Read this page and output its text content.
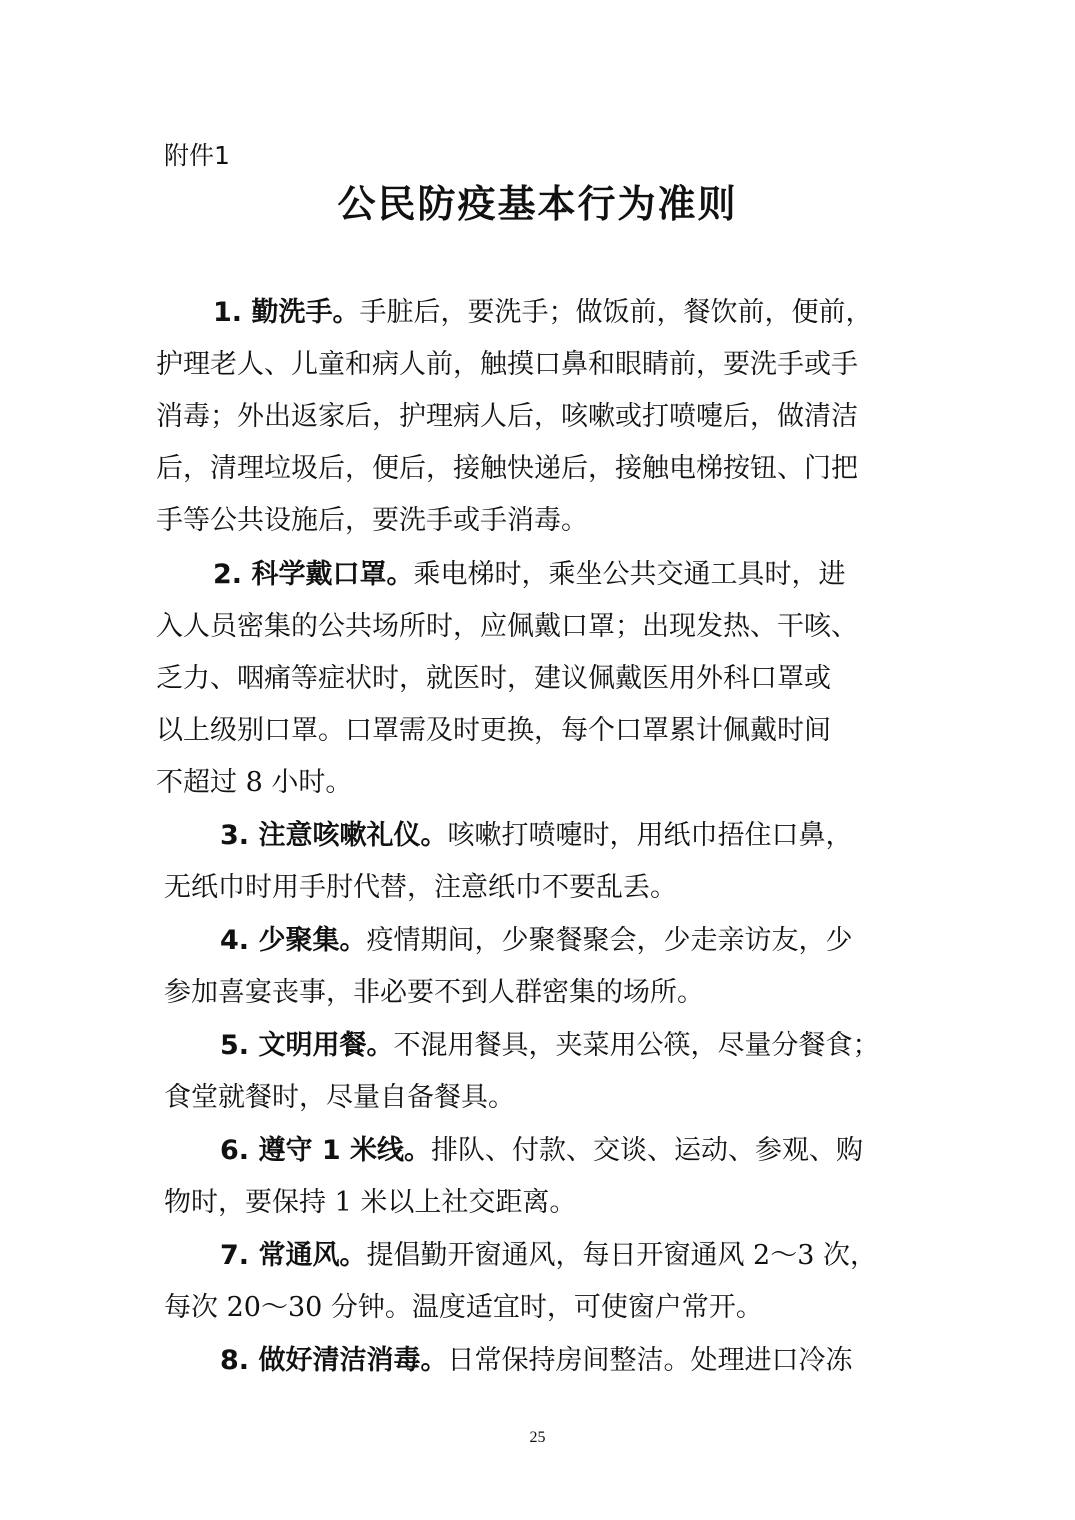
附件1
公民防疫基本行为准则
1. 勤洗手。手脏后，要洗手；做饭前，餐饮前，便前，
护理老人、儿童和病人前，触摸口鼻和眼睛前，要洗手或手
消毒；外出返家后，护理病人后，咳嗽或打喷嚏后，做清洁
后，清理垃圾后，便后，接触快递后，接触电梯按钮、门把
手等公共设施后，要洗手或手消毒。
2. 科学戴口罩。乘电梯时，乘坐公共交通工具时，进
入人员密集的公共场所时，应佩戴口罩；出现发热、干咳、
乏力、咽痛等症状时，就医时，建议佩戴医用外科口罩或
以上级别口罩。口罩需及时更换，每个口罩累计佩戴时间
不超过 8 小时。
3. 注意咳嗽礼仪。咳嗽打喷嚏时，用纸巾捂住口鼻，
无纸巾时用手肘代替，注意纸巾不要乱丢。
4. 少聚集。疫情期间，少聚餐聚会，少走亲访友，少
参加喜宴丧事，非必要不到人群密集的场所。
5. 文明用餐。不混用餐具，夹菜用公筷，尽量分餐食；
食堂就餐时，尽量自备餐具。
6. 遵守 1 米线。排队、付款、交谈、运动、参观、购
物时，要保持 1 米以上社交距离。
7. 常通风。提倡勤开窗通风，每日开窗通风 2～3 次，
每次 20～30 分钟。温度适宜时，可使窗户常开。
8. 做好清洁消毒。日常保持房间整洁。处理进口冷冻
25
